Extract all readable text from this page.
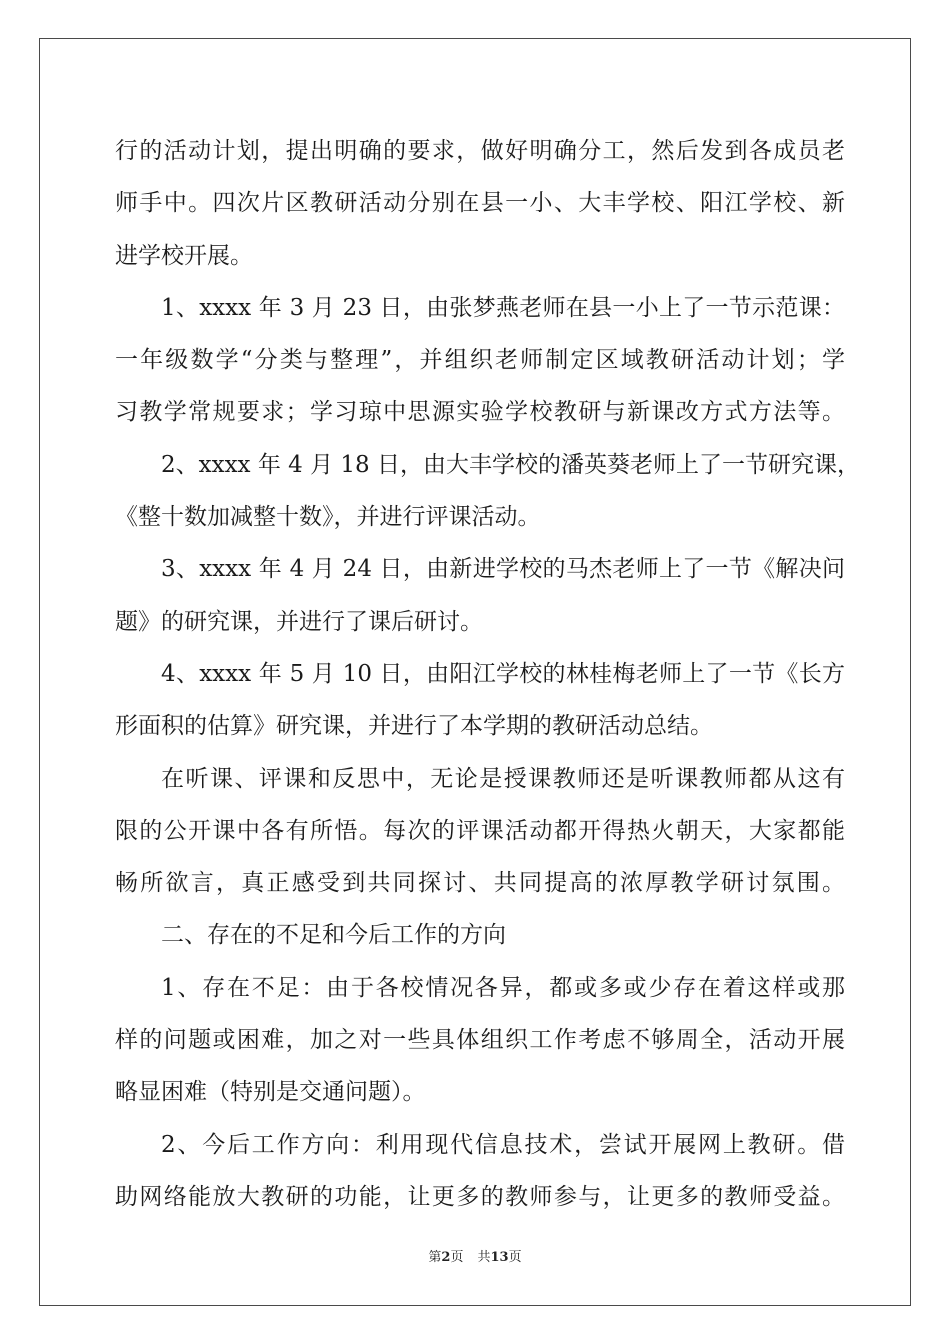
行的活动计划，提出明确的要求，做好明确分工，然后发到各成员老
师手中。四次片区教研活动分别在县一小、大丰学校、阳江学校、新
进学校开展。
1、xxxx 年 3 月 23 日，由张梦燕老师在县一小上了一节示范课：
一年级数学“分类与整理”，并组织老师制定区域教研活动计划；学
习教学常规要求；学习琼中思源实验学校教研与新课改方式方法等。
2、xxxx 年 4 月 18 日，由大丰学校的潘英葵老师上了一节研究课，
《整十数加减整十数》，并进行评课活动。
3、xxxx 年 4 月 24 日，由新进学校的马杰老师上了一节《解决问
题》的研究课，并进行了课后研讨。
4、xxxx 年 5 月 10 日，由阳江学校的林桂梅老师上了一节《长方
形面积的估算》研究课，并进行了本学期的教研活动总结。
在听课、评课和反思中，无论是授课教师还是听课教师都从这有
限的公开课中各有所悟。每次的评课活动都开得热火朝天，大家都能
畅所欲言，真正感受到共同探讨、共同提高的浓厚教学研讨氛围。
二、存在的不足和今后工作的方向
1、存在不足：由于各校情况各异，都或多或少存在着这样或那
样的问题或困难，加之对一些具体组织工作考虑不够周全，活动开展
略显困难（特别是交通问题）。
2、今后工作方向：利用现代信息技术，尝试开展网上教研。借
助网络能放大教研的功能，让更多的教师参与，让更多的教师受益。
第2页 共13页
